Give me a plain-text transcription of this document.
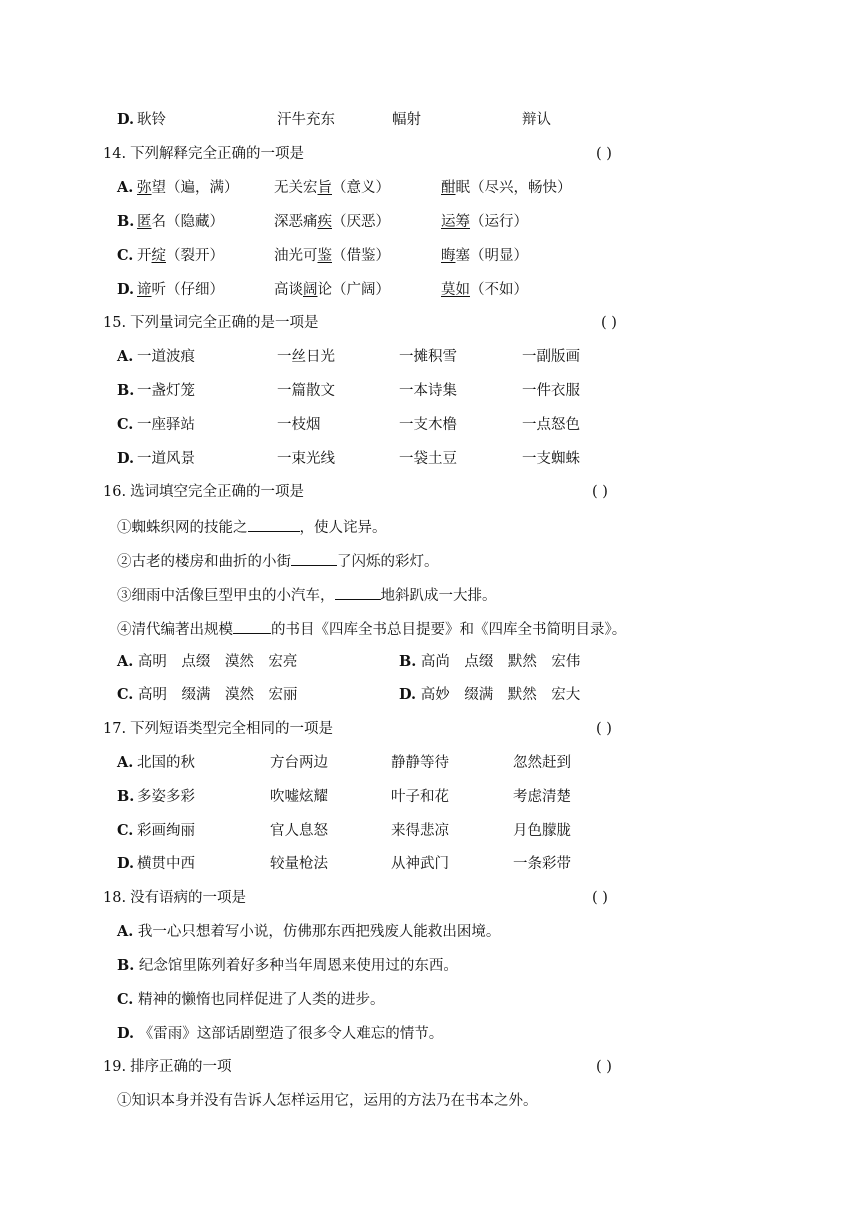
D. 耿铃	汗牛充东	幅射	辩认
14. 下列解释完全正确的一项是	( )
A. 弥望（遍，满） 无关宏旨（意义）	酣眠（尽兴，畅快）
B. 匿名（隐藏）	深恶痛疾（厌恶）	运筹（运行）
C. 开绽（裂开）	油光可鉴（借鉴）	晦塞（明显）
D. 谛听（仔细）	高谈阔论（广阔）	莫如（不如）
15. 下列量词完全正确的是一项是	( )
A. 一道波痕	一丝日光	一摊积雪	一副版画
B. 一盏灯笼	一篇散文	一本诗集	一件衣服
C. 一座驿站	一枝烟	一支木橹	一点怒色
D. 一道风景	一束光线	一袋土豆	一支蜘蛛
16. 选词填空完全正确的一项是	( )
①蜘蛛织网的技能之	，使人诧异。
②古老的楼房和曲折的小街	了闪烁的彩灯。
③细雨中活像巨型甲虫的小汽车，	地斜趴成一大排。
④清代编著出规模	的书目《四库全书总目提要》和《四库全书简明目录》。
A. 高明　点缀　漠然　宏亮	B. 高尚　点缀　默然　宏伟
C. 高明　缀满　漠然　宏丽	D. 高妙　缀满　默然　宏大
17. 下列短语类型完全相同的一项是	( )
A. 北国的秋	方台两边	静静等待	忽然赶到
B. 多姿多彩	吹嘘炫耀	叶子和花	考虑清楚
C. 彩画绚丽	官人息怒	来得悲凉	月色朦胧
D. 横贯中西	较量枪法	从神武门	一条彩带
18. 没有语病的一项是	( )
A. 我一心只想着写小说，仿佛那东西把残废人能救出困境。
B. 纪念馆里陈列着好多种当年周恩来使用过的东西。
C. 精神的懒惰也同样促进了人类的进步。
D. 《雷雨》这部话剧塑造了很多令人难忘的情节。
19. 排序正确的一项	( )
①知识本身并没有告诉人怎样运用它，运用的方法乃在书本之外。
